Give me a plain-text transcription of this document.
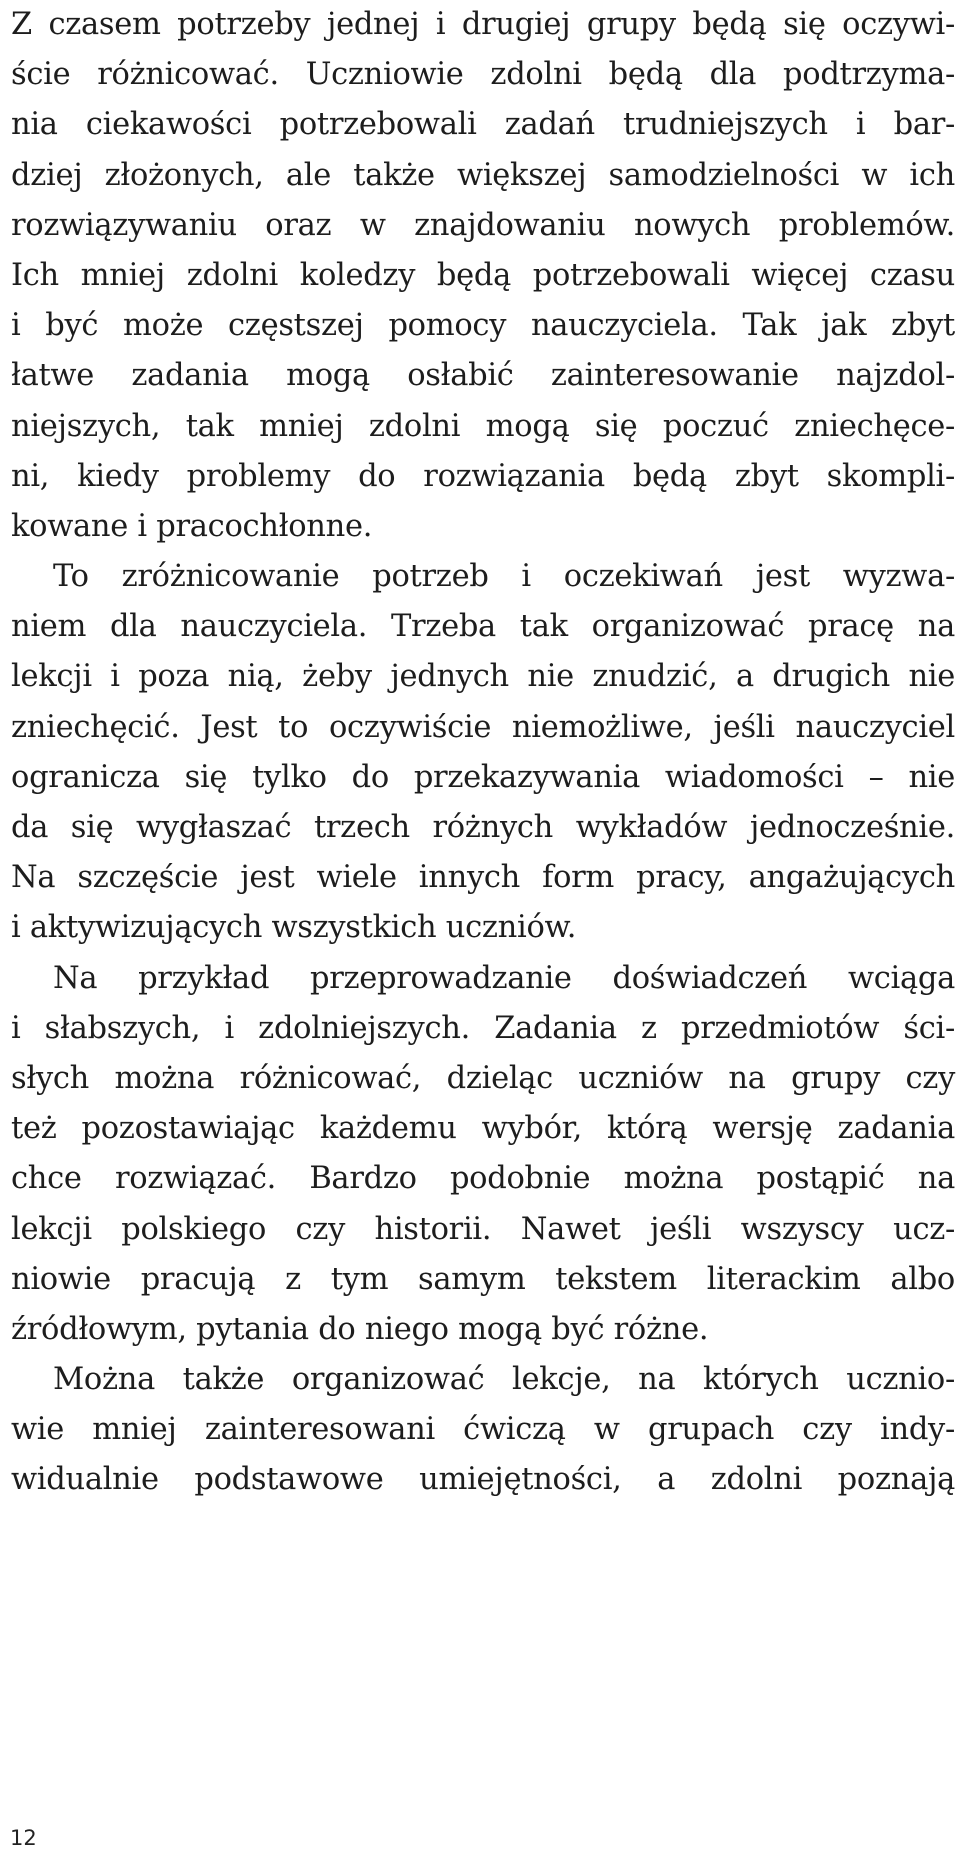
Z czasem potrzeby jednej i drugiej grupy będą się oczywi-
ście różnicować. Uczniowie zdolni będą dla podtrzyma-
nia ciekawości potrzebowali zadań trudniejszych i bar-
dziej złożonych, ale także większej samodzielności w ich
rozwiązywaniu oraz w znajdowaniu nowych problemów.
Ich mniej zdolni koledzy będą potrzebowali więcej czasu
i być może częstszej pomocy nauczyciela. Tak jak zbyt
łatwe zadania mogą osłabić zainteresowanie najzdol-
niejszych, tak mniej zdolni mogą się poczuć zniechęce-
ni, kiedy problemy do rozwiązania będą zbyt skompli-
kowane i pracochłonne.
To zróżnicowanie potrzeb i oczekiwań jest wyzwa-
niem dla nauczyciela. Trzeba tak organizować pracę na
lekcji i poza nią, żeby jednych nie znudzić, a drugich nie
zniechęcić. Jest to oczywiście niemożliwe, jeśli nauczyciel
ogranicza się tylko do przekazywania wiadomości – nie
da się wygłaszać trzech różnych wykładów jednocześnie.
Na szczęście jest wiele innych form pracy, angażujących
i aktywizujących wszystkich uczniów.
Na przykład przeprowadzanie doświadczeń wciąga
i słabszych, i zdolniejszych. Zadania z przedmiotów ści-
słych można różnicować, dzieląc uczniów na grupy czy
też pozostawiając każdemu wybór, którą wersję zadania
chce rozwiązać. Bardzo podobnie można postąpić na
lekcji polskiego czy historii. Nawet jeśli wszyscy ucz-
niowie pracują z tym samym tekstem literackim albo
źródłowym, pytania do niego mogą być różne.
Można także organizować lekcje, na których ucznio-
wie mniej zainteresowani ćwiczą w grupach czy indy-
widualnie podstawowe umiejętności, a zdolni poznają
12
